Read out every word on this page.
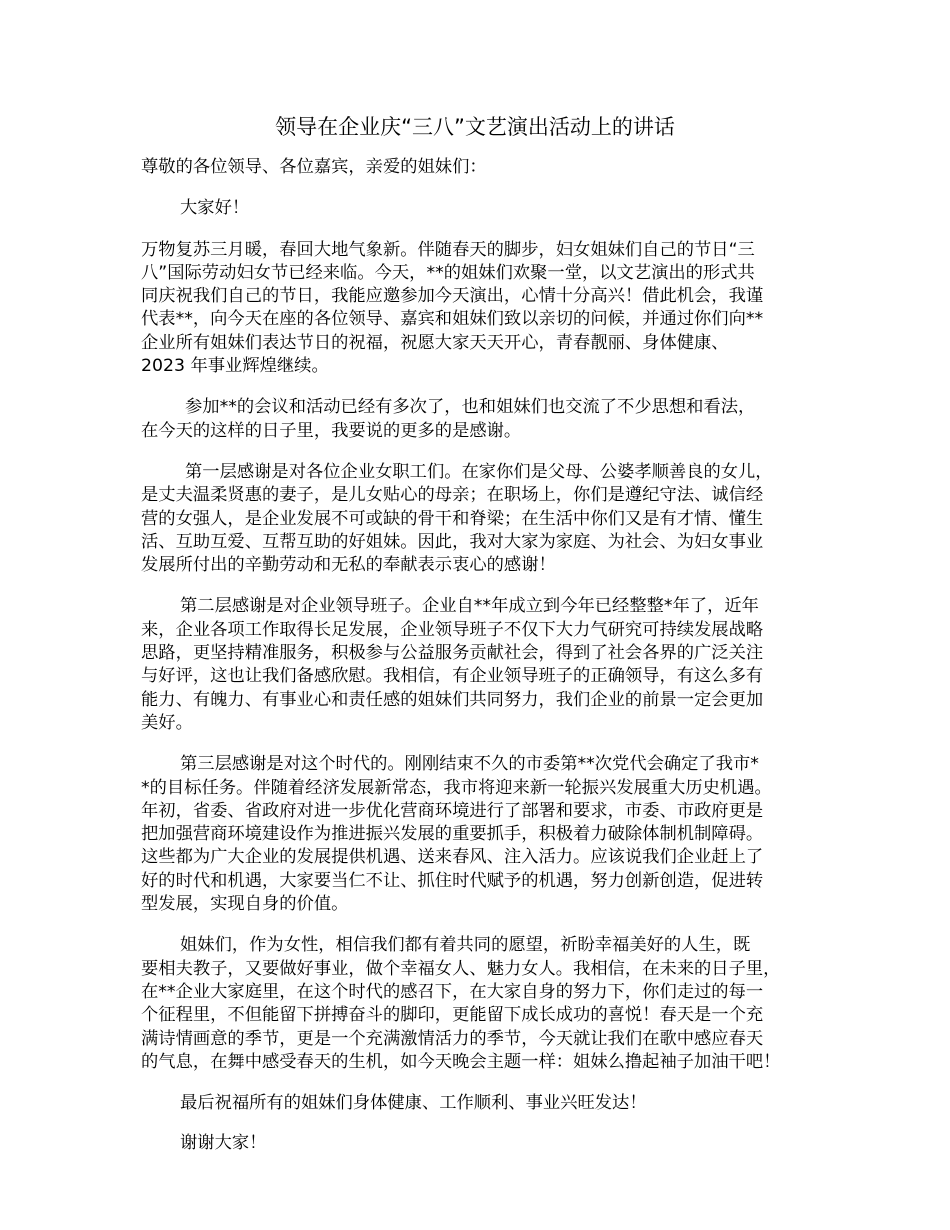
领导在企业庆“三八”文艺演出活动上的讲话

尊敬的各位领导、各位嘉宾，亲爱的姐妹们：

大家好！

万物复苏三月暖，春回大地气象新。伴随春天的脚步，妇女姐妹们自己的节日“三
八”国际劳动妇女节已经来临。今天，**的姐妹们欢聚一堂，以文艺演出的形式共
同庆祝我们自己的节日，我能应邀参加今天演出，心情十分高兴！借此机会，我谨
代表**，向今天在座的各位领导、嘉宾和姐妹们致以亲切的问候，并通过你们向**
企业所有姐妹们表达节日的祝福，祝愿大家天天开心，青春靓丽、身体健康、
2023 年事业辉煌继续。

参加**的会议和活动已经有多次了，也和姐妹们也交流了不少思想和看法，
在今天的这样的日子里，我要说的更多的是感谢。

第一层感谢是对各位企业女职工们。在家你们是父母、公婆孝顺善良的女儿，
是丈夫温柔贤惠的妻子，是儿女贴心的母亲；在职场上，你们是遵纪守法、诚信经
营的女强人，是企业发展不可或缺的骨干和脊梁；在生活中你们又是有才情、懂生
活、互助互爱、互帮互助的好姐妹。因此，我对大家为家庭、为社会、为妇女事业
发展所付出的辛勤劳动和无私的奉献表示衷心的感谢！

第二层感谢是对企业领导班子。企业自**年成立到今年已经整整*年了，近年
来，企业各项工作取得长足发展，企业领导班子不仅下大力气研究可持续发展战略
思路，更坚持精准服务，积极参与公益服务贡献社会，得到了社会各界的广泛关注
与好评，这也让我们备感欣慰。我相信，有企业领导班子的正确领导，有这么多有
能力、有魄力、有事业心和责任感的姐妹们共同努力，我们企业的前景一定会更加
美好。

第三层感谢是对这个时代的。刚刚结束不久的市委第**次党代会确定了我市*
*的目标任务。伴随着经济发展新常态，我市将迎来新一轮振兴发展重大历史机遇。
年初，省委、省政府对进一步优化营商环境进行了部署和要求，市委、市政府更是
把加强营商环境建设作为推进振兴发展的重要抓手，积极着力破除体制机制障碍。
这些都为广大企业的发展提供机遇、送来春风、注入活力。应该说我们企业赶上了
好的时代和机遇，大家要当仁不让、抓住时代赋予的机遇，努力创新创造，促进转
型发展，实现自身的价值。

姐妹们，作为女性，相信我们都有着共同的愿望，祈盼幸福美好的人生，既
要相夫教子，又要做好事业，做个幸福女人、魅力女人。我相信，在未来的日子里，
在**企业大家庭里，在这个时代的感召下，在大家自身的努力下，你们走过的每一
个征程里，不但能留下拼搏奋斗的脚印，更能留下成长成功的喜悦！春天是一个充
满诗情画意的季节，更是一个充满激情活力的季节，今天就让我们在歌中感应春天
的气息，在舞中感受春天的生机，如今天晚会主题一样：姐妹么撸起袖子加油干吧！

最后祝福所有的姐妹们身体健康、工作顺利、事业兴旺发达！

谢谢大家！
